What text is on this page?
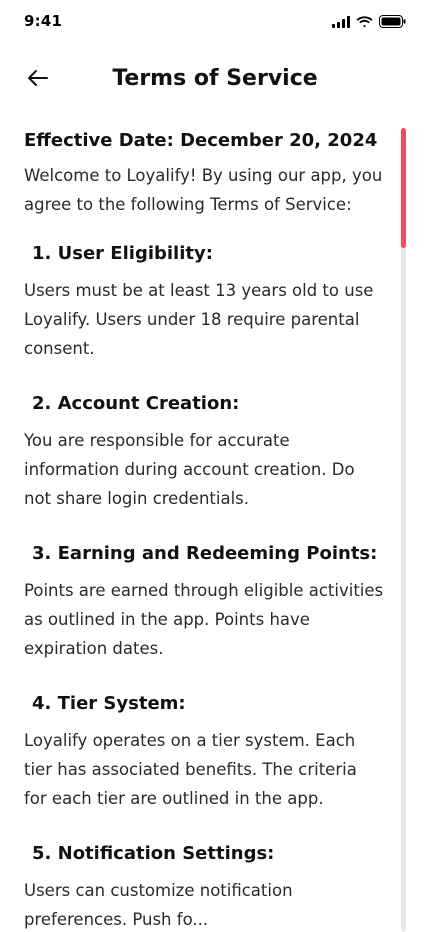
9:41
Terms of Service

Effective Date: December 20, 2024

Welcome to Loyalify! By using our app, you agree to the following Terms of Service:

1. User Eligibility:

Users must be at least 13 years old to use Loyalify. Users under 18 require parental consent.

2. Account Creation:

You are responsible for accurate information during account creation. Do not share login credentials.

3. Earning and Redeeming Points:

Points are earned through eligible activities as outlined in the app. Points have expiration dates.

4. Tier System:

Loyalify operates on a tier system. Each tier has associated benefits. The criteria for each tier are outlined in the app.

5. Notification Settings:

Users can customize notification preferences. Push fo...
